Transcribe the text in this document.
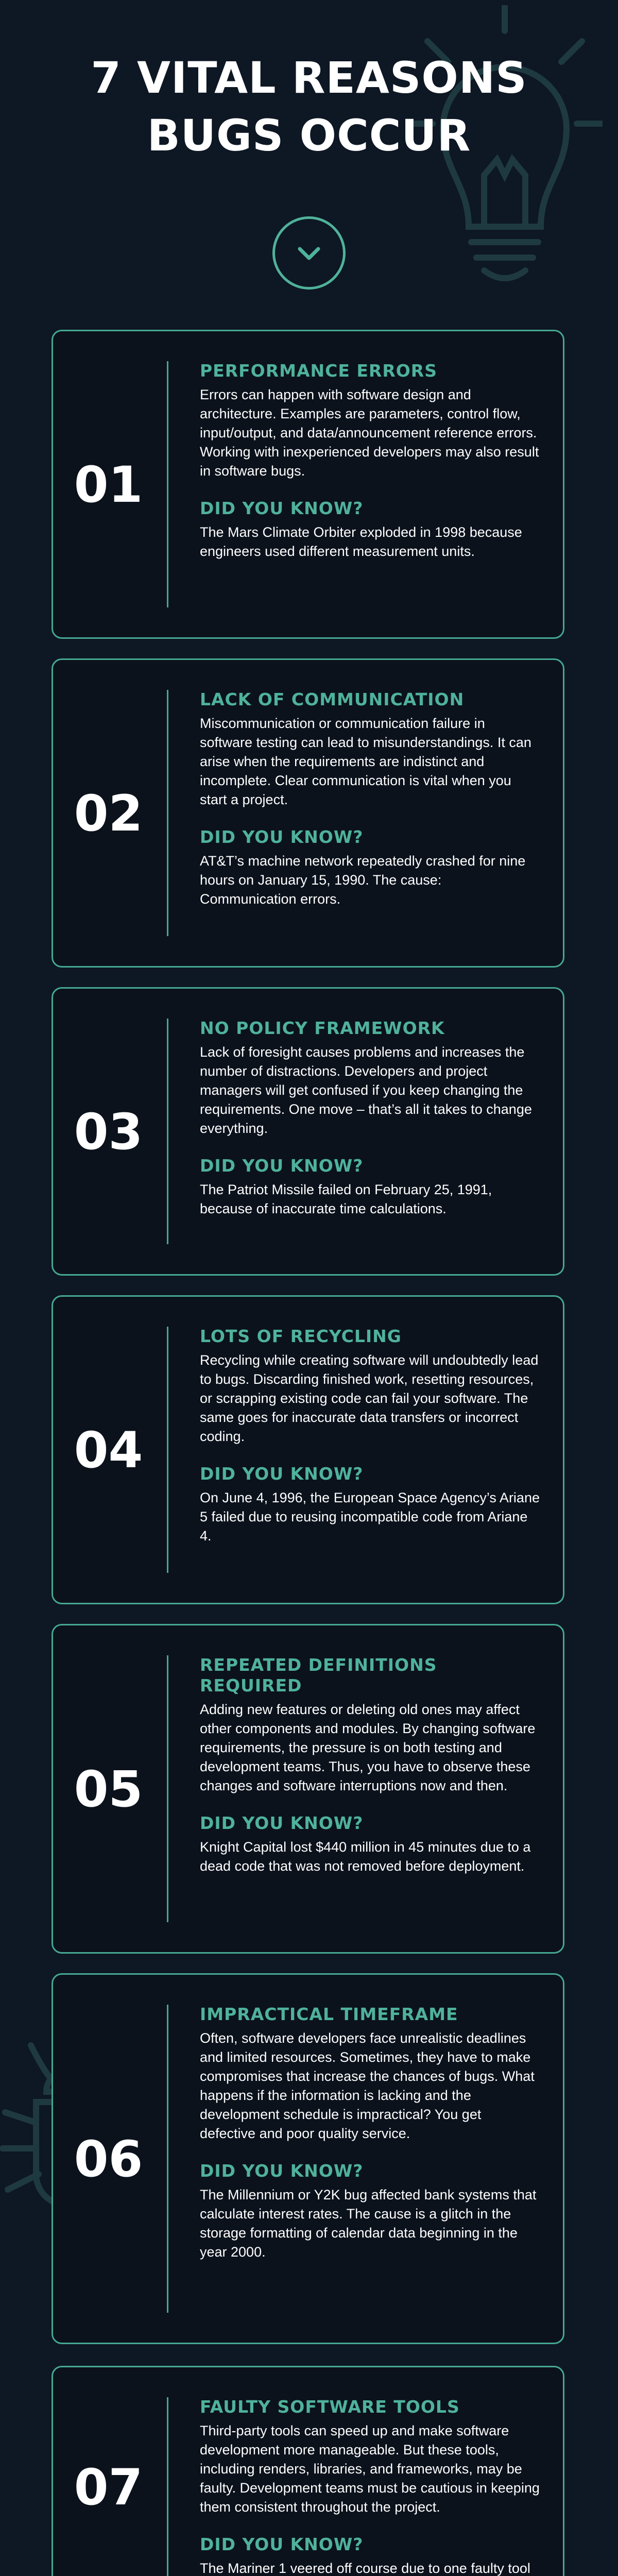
7 VITAL REASONS
BUGS OCCUR
01

PERFORMANCE ERRORS

Errors can happen with software design and architecture. Examples are parameters, control flow, input/output, and data/announcement reference errors. Working with inexperienced developers may also result in software bugs.

DID YOU KNOW?

The Mars Climate Orbiter exploded in 1998 because engineers used different measurement units.

02

LACK OF COMMUNICATION

Miscommunication or communication failure in software testing can lead to misunderstandings. It can arise when the requirements are indistinct and incomplete. Clear communication is vital when you start a project.

DID YOU KNOW?

AT&T’s machine network repeatedly crashed for nine hours on January 15, 1990. The cause: Communication errors.

03

NO POLICY FRAMEWORK

Lack of foresight causes problems and increases the number of distractions. Developers and project managers will get confused if you keep changing the requirements. One move – that’s all it takes to change everything.

DID YOU KNOW?

The Patriot Missile failed on February 25, 1991, because of inaccurate time calculations.

04

LOTS OF RECYCLING

Recycling while creating software will undoubtedly lead to bugs. Discarding finished work, resetting resources, or scrapping existing code can fail your software. The same goes for inaccurate data transfers or incorrect coding.

DID YOU KNOW?

On June 4, 1996, the European Space Agency’s Ariane 5 failed due to reusing incompatible code from Ariane 4.

05

REPEATED DEFINITIONS REQUIRED

Adding new features or deleting old ones may affect other components and modules. By changing software requirements, the pressure is on both testing and development teams. Thus, you have to observe these changes and software interruptions now and then.

DID YOU KNOW?

Knight Capital lost $440 million in 45 minutes due to a dead code that was not removed before deployment.

06

IMPRACTICAL TIMEFRAME

Often, software developers face unrealistic deadlines and limited resources. Sometimes, they have to make compromises that increase the chances of bugs. What happens if the information is lacking and the development schedule is impractical? You get defective and poor quality service.

DID YOU KNOW?

The Millennium or Y2K bug affected bank systems that calculate interest rates. The cause is a glitch in the storage formatting of calendar data beginning in the year 2000.

07

FAULTY SOFTWARE TOOLS

Third-party tools can speed up and make software development more manageable. But these tools, including renders, libraries, and frameworks, may be faulty. Development teams must be cautious in keeping them consistent throughout the project.

DID YOU KNOW?

The Mariner 1 veered off course due to one faulty tool
